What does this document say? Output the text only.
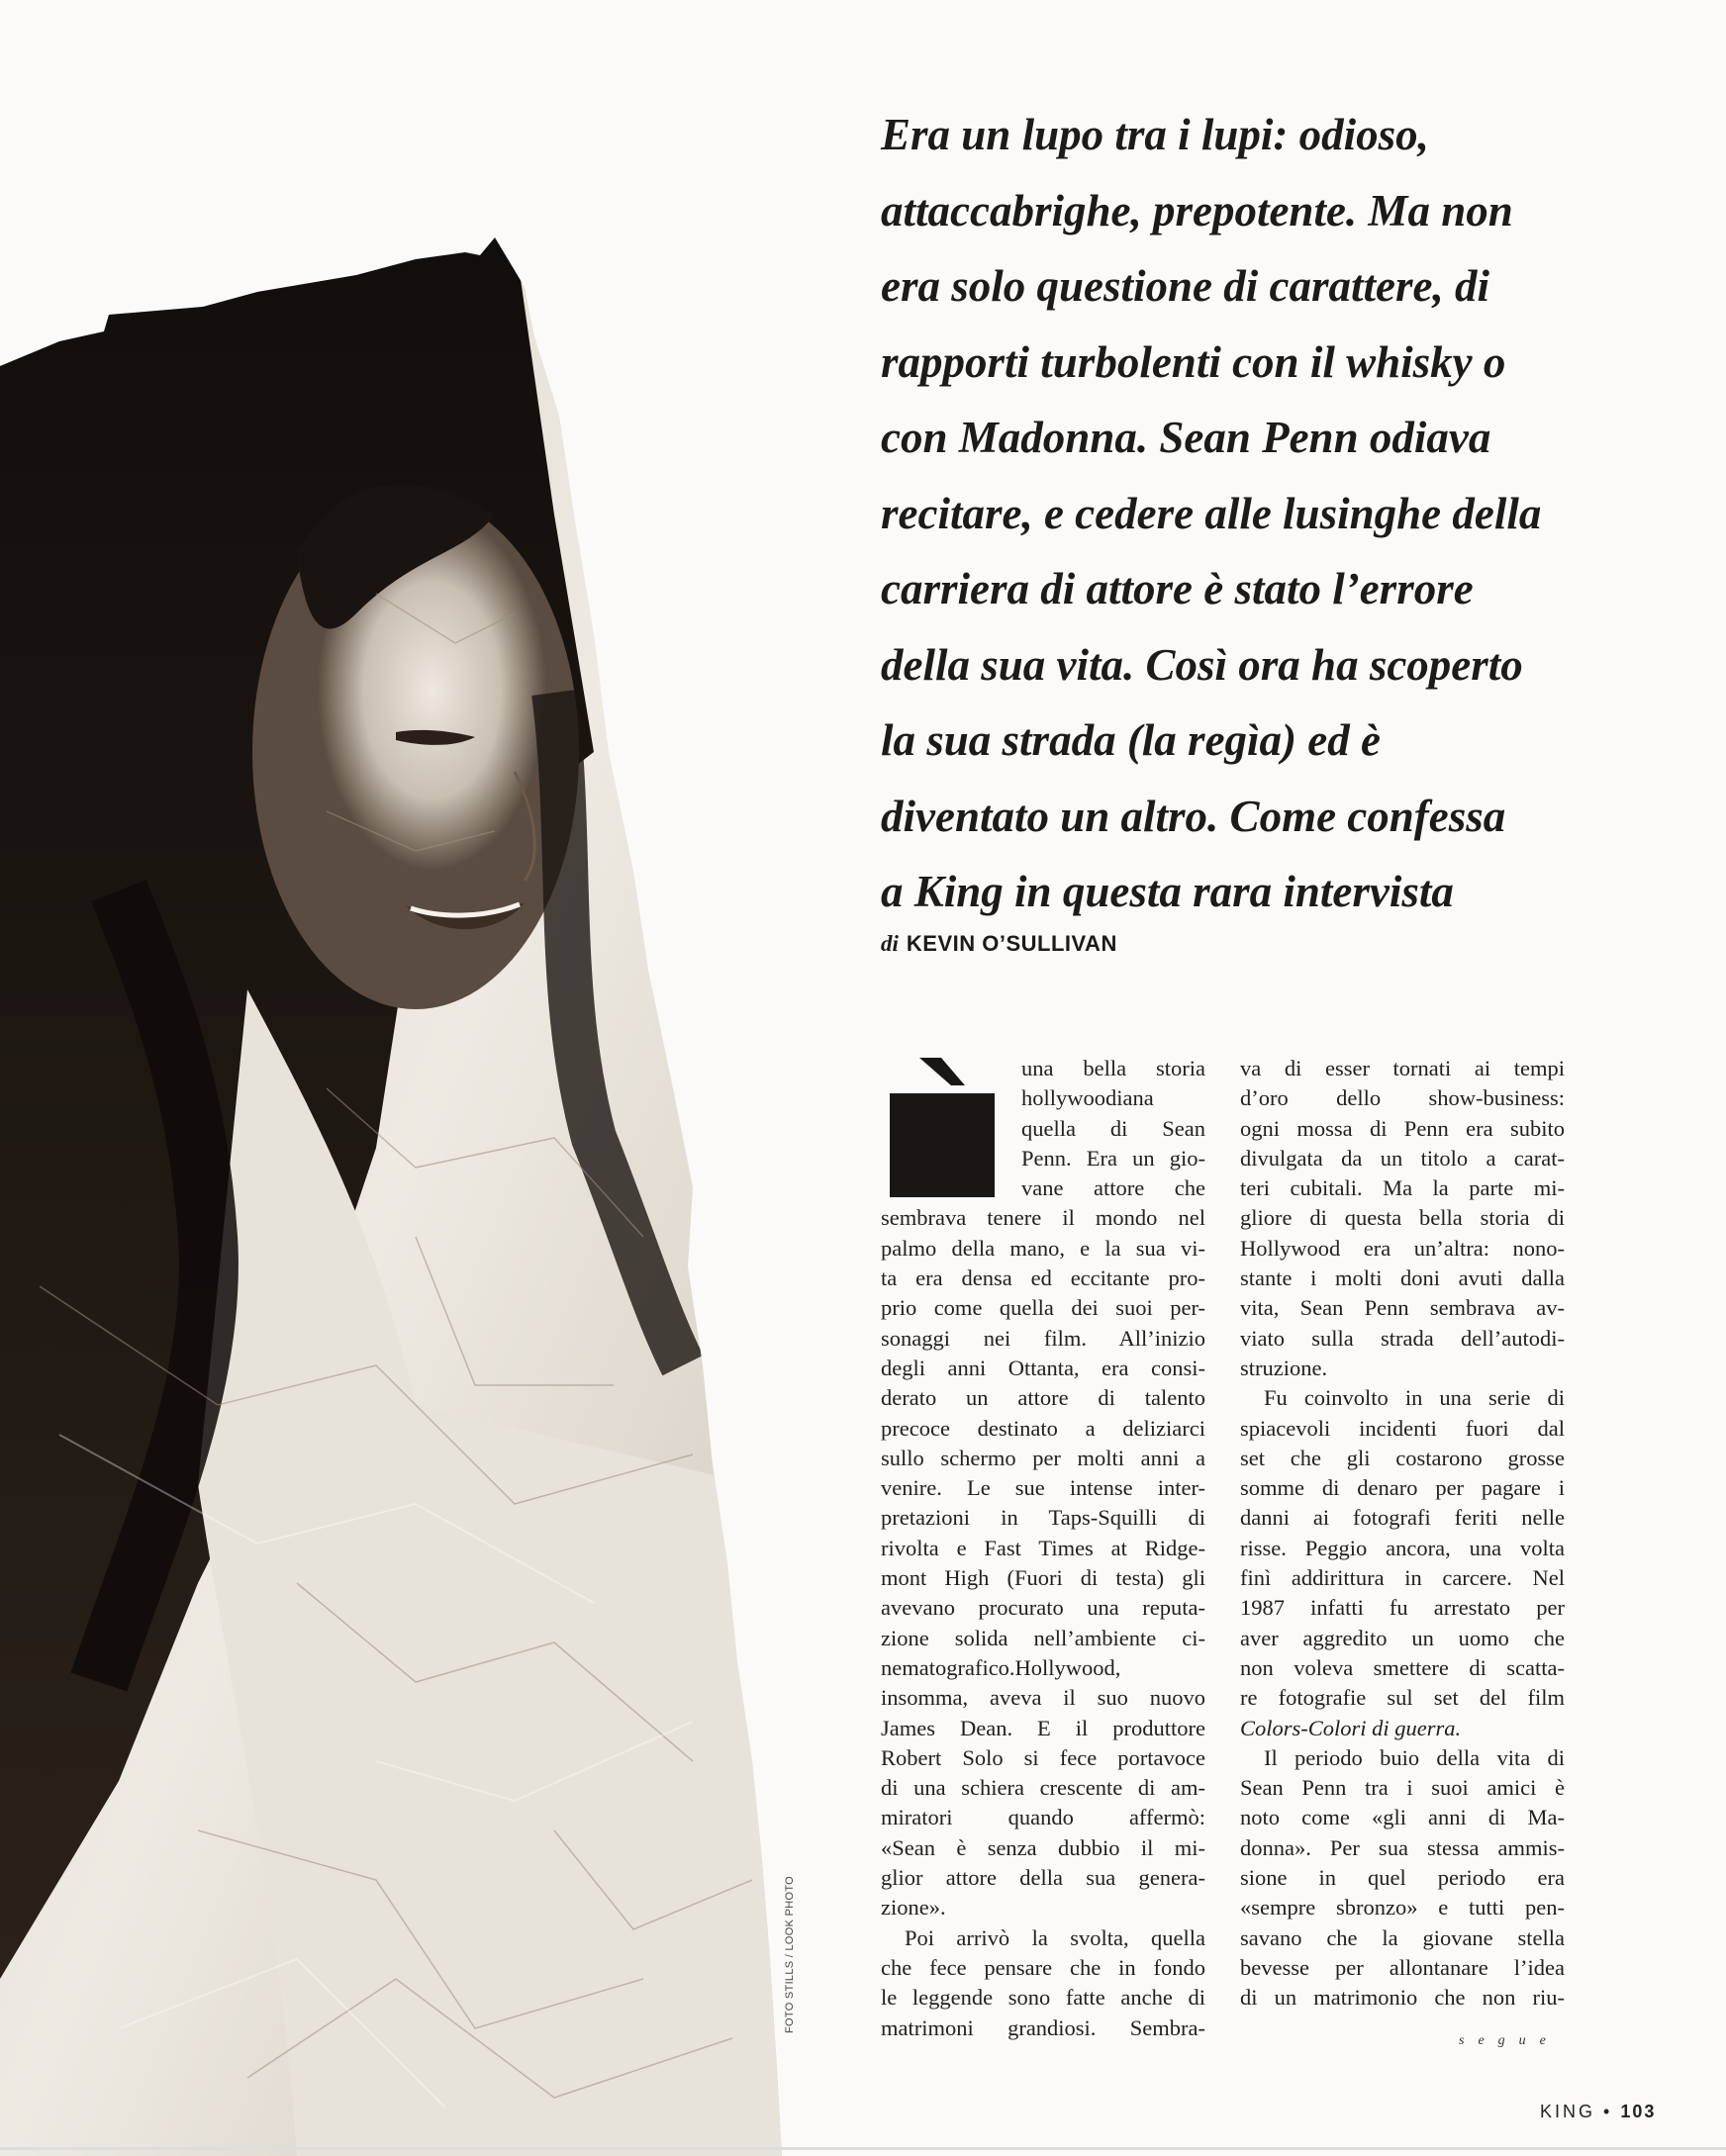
FOTO STILLS / LOOK PHOTO

Era un lupo tra i lupi: odioso,

attaccabrighe, prepotente. Ma non

era solo questione di carattere, di

rapporti turbolenti con il whisky o

con Madonna. Sean Penn odiava

recitare, e cedere alle lusinghe della

carriera di attore è stato l’errore

della sua vita. Così ora ha scoperto

la sua strada (la regìa) ed è

diventato un altro. Come confessa

a King in questa rara intervista

di KEVIN O’SULLIVAN
una bella storia
hollywoodiana
quella di Sean
Penn. Era un gio-
vane attore che
sembrava tenere il mondo nel
palmo della mano, e la sua vi-
ta era densa ed eccitante pro-
prio come quella dei suoi per-
sonaggi nei film. All’inizio
degli anni Ottanta, era consi-
derato un attore di talento
precoce destinato a deliziarci
sullo schermo per molti anni a
venire. Le sue intense inter-
pretazioni in Taps-Squilli di
rivolta e Fast Times at Ridge-
mont High (Fuori di testa) gli
avevano procurato una reputa-
zione solida nell’ambiente ci-
nematografico.Hollywood,
insomma, aveva il suo nuovo
James Dean. E il produttore
Robert Solo si fece portavoce
di una schiera crescente di am-
miratori quando affermò:
«Sean è senza dubbio il mi-
glior attore della sua genera-
zione».
Poi arrivò la svolta, quella
che fece pensare che in fondo
le leggende sono fatte anche di
matrimoni grandiosi. Sembra-
va di esser tornati ai tempi
d’oro dello show-business:
ogni mossa di Penn era subito
divulgata da un titolo a carat-
teri cubitali. Ma la parte mi-
gliore di questa bella storia di
Hollywood era un’altra: nono-
stante i molti doni avuti dalla
vita, Sean Penn sembrava av-
viato sulla strada dell’autodi-
struzione.
Fu coinvolto in una serie di
spiacevoli incidenti fuori dal
set che gli costarono grosse
somme di denaro per pagare i
danni ai fotografi feriti nelle
risse. Peggio ancora, una volta
finì addirittura in carcere. Nel
1987 infatti fu arrestato per
aver aggredito un uomo che
non voleva smettere di scatta-
re fotografie sul set del film
Colors-Colori di guerra.
Il periodo buio della vita di
Sean Penn tra i suoi amici è
noto come «gli anni di Ma-
donna». Per sua stessa ammis-
sione in quel periodo era
«sempre sbronzo» e tutti pen-
savano che la giovane stella
bevesse per allontanare l’idea
di un matrimonio che non riu-
segue
KING • 103
